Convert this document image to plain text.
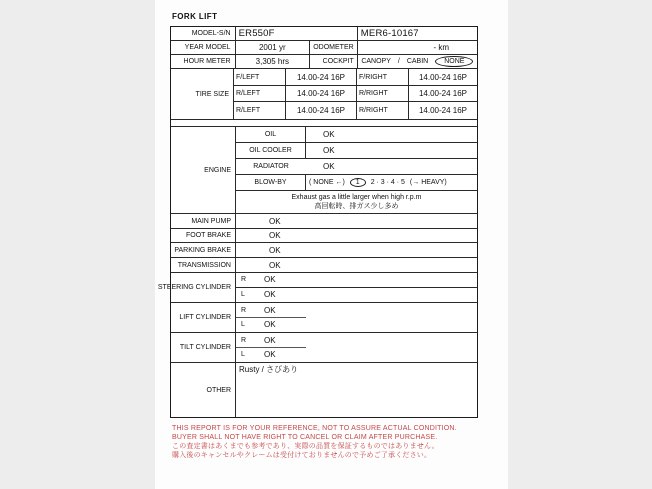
FORK LIFT
MODEL-S/N ER550F	MER6-10167
YEAR MODEL	2001 yr	ODOMETER	- km
HOUR METER	3,305 hrs	COCKPIT	CANOPY / CABIN	NONE
TIRE SIZE
F/LEFT	14.00-24 16P	F/RIGHT	14.00-24 16P
R/LEFT	14.00-24 16P	R/RIGHT	14.00-24 16P
R/LEFT	14.00-24 16P	R/RIGHT	14.00-24 16P
ENGINE
OIL	OK
OIL COOLER	OK
RADIATOR	OK
BLOW-BY	( NONE ←)	1	2 · 3 · 4 · 5 (→ HEAVY)
Exhaust gas a little larger when high r.p.m
高回転時、排ガス少し多め
MAIN PUMP	OK
FOOT BRAKE	OK
PARKING BRAKE	OK
TRANSMISSION	OK
STEERING CYLINDER
R	OK
L	OK
LIFT CYLINDER
R	OK
L	OK
TILT CYLINDER
R	OK
L	OK
OTHER
Rusty / さびあり
THIS REPORT IS FOR YOUR REFERENCE, NOT TO ASSURE ACTUAL CONDITION.
BUYER SHALL NOT HAVE RIGHT TO CANCEL OR CLAIM AFTER PURCHASE.
この査定書はあくまでも参考であり、実際の品質を保証するものではありません。
購入後のキャンセルやクレームは受付けておりませんので予めご了承ください。
